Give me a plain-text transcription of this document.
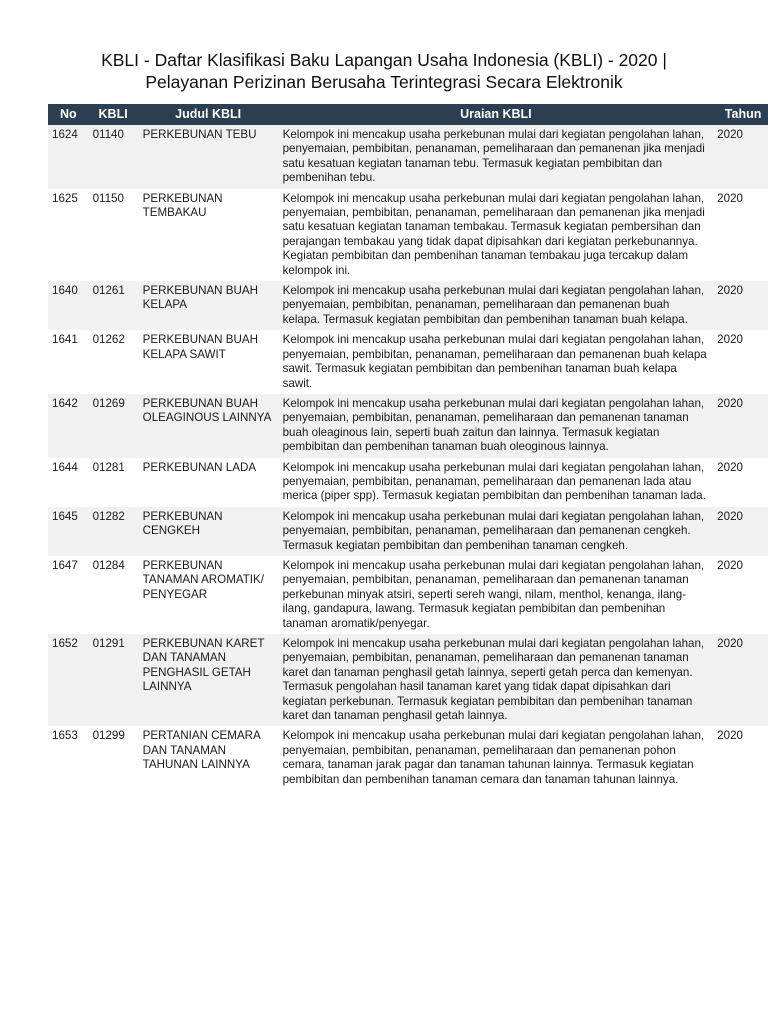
KBLI - Daftar Klasifikasi Baku Lapangan Usaha Indonesia (KBLI) - 2020 |
Pelayanan Perizinan Berusaha Terintegrasi Secara Elektronik
No	KBLI	Judul KBLI	Uraian KBLI	Tahun
1624	01140	PERKEBUNAN TEBU	Kelompok ini mencakup usaha perkebunan mulai dari kegiatan pengolahan lahan, penyemaian, pembibitan, penanaman, pemeliharaan dan pemanenan jika menjadi satu kesatuan kegiatan tanaman tebu. Termasuk kegiatan pembibitan dan pembenihan tebu.	2020
1625	01150	PERKEBUNAN TEMBAKAU	Kelompok ini mencakup usaha perkebunan mulai dari kegiatan pengolahan lahan, penyemaian, pembibitan, penanaman, pemeliharaan dan pemanenan jika menjadi satu kesatuan kegiatan tanaman tembakau. Termasuk kegiatan pembersihan dan perajangan tembakau yang tidak dapat dipisahkan dari kegiatan perkebunannya. Kegiatan pembibitan dan pembenihan tanaman tembakau juga tercakup dalam kelompok ini.	2020
1640	01261	PERKEBUNAN BUAH KELAPA	Kelompok ini mencakup usaha perkebunan mulai dari kegiatan pengolahan lahan, penyemaian, pembibitan, penanaman, pemeliharaan dan pemanenan buah kelapa. Termasuk kegiatan pembibitan dan pembenihan tanaman buah kelapa.	2020
1641	01262	PERKEBUNAN BUAH KELAPA SAWIT	Kelompok ini mencakup usaha perkebunan mulai dari kegiatan pengolahan lahan, penyemaian, pembibitan, penanaman, pemeliharaan dan pemanenan buah kelapa sawit. Termasuk kegiatan pembibitan dan pembenihan tanaman buah kelapa sawit.	2020
1642	01269	PERKEBUNAN BUAH OLEAGINOUS LAINNYA	Kelompok ini mencakup usaha perkebunan mulai dari kegiatan pengolahan lahan, penyemaian, pembibitan, penanaman, pemeliharaan dan pemanenan tanaman buah oleaginous lain, seperti buah zaitun dan lainnya. Termasuk kegiatan pembibitan dan pembenihan tanaman buah oleoginous lainnya.	2020
1644	01281	PERKEBUNAN LADA	Kelompok ini mencakup usaha perkebunan mulai dari kegiatan pengolahan lahan, penyemaian, pembibitan, penanaman, pemeliharaan dan pemanenan lada atau merica (piper spp). Termasuk kegiatan pembibitan dan pembenihan tanaman lada.	2020
1645	01282	PERKEBUNAN CENGKEH	Kelompok ini mencakup usaha perkebunan mulai dari kegiatan pengolahan lahan, penyemaian, pembibitan, penanaman, pemeliharaan dan pemanenan cengkeh. Termasuk kegiatan pembibitan dan pembenihan tanaman cengkeh.	2020
1647	01284	PERKEBUNAN TANAMAN AROMATIK/ PENYEGAR	Kelompok ini mencakup usaha perkebunan mulai dari kegiatan pengolahan lahan, penyemaian, pembibitan, penanaman, pemeliharaan dan pemanenan tanaman perkebunan minyak atsiri, seperti sereh wangi, nilam, menthol, kenanga, ilang-ilang, gandapura, lawang. Termasuk kegiatan pembibitan dan pembenihan tanaman aromatik/penyegar.	2020
1652	01291	PERKEBUNAN KARET DAN TANAMAN PENGHASIL GETAH LAINNYA	Kelompok ini mencakup usaha perkebunan mulai dari kegiatan pengolahan lahan, penyemaian, pembibitan, penanaman, pemeliharaan dan pemanenan tanaman karet dan tanaman penghasil getah lainnya, seperti getah perca dan kemenyan. Termasuk pengolahan hasil tanaman karet yang tidak dapat dipisahkan dari kegiatan perkebunan. Termasuk kegiatan pembibitan dan pembenihan tanaman karet dan tanaman penghasil getah lainnya.	2020
1653	01299	PERTANIAN CEMARA DAN TANAMAN TAHUNAN LAINNYA	Kelompok ini mencakup usaha perkebunan mulai dari kegiatan pengolahan lahan, penyemaian, pembibitan, penanaman, pemeliharaan dan pemanenan pohon cemara, tanaman jarak pagar dan tanaman tahunan lainnya. Termasuk kegiatan pembibitan dan pembenihan tanaman cemara dan tanaman tahunan lainnya.	2020
